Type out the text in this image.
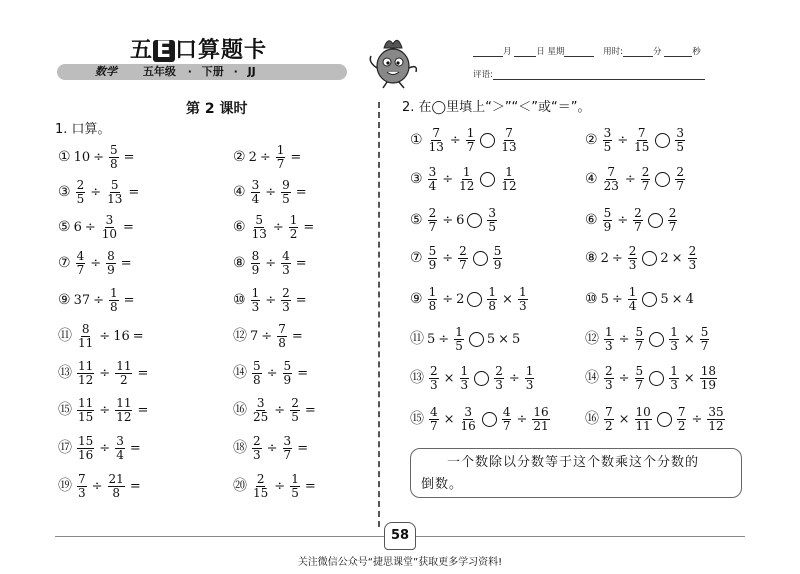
五 E 口算题卡
数学 五年级 · 下册 · JJ
月	日 星期	用时:	分	秒
评语:
第 2 课时
1. 口算。
① $10 \div \frac{5}{8}$ =	② $2 \div \frac{1}{7}$ =
③ $\frac{2}{5} \div \frac{5}{13}$ =	④ $\frac{3}{4} \div \frac{9}{5}$ =
⑤ $6 \div \frac{3}{10}$ =	⑥ $\frac{5}{13} \div \frac{1}{2}$ =
⑦ $\frac{4}{7} \div \frac{8}{9}$ =	⑧ $\frac{8}{9} \div \frac{4}{3}$ =
⑨ $37 \div \frac{1}{8}$ =	⑩ $\frac{1}{3} \div \frac{2}{3}$ =
⑪ $\frac{8}{11} \div 16$ =	⑫ $7 \div \frac{7}{8}$ =
⑬ $\frac{11}{12} \div \frac{11}{2}$ =	⑭ $\frac{5}{8} \div \frac{5}{9}$ =
⑮ $\frac{11}{15} \div \frac{11}{12}$ =	⑯ $\frac{3}{25} \div \frac{2}{5}$ =
⑰ $\frac{15}{16} \div \frac{3}{4}$ =	⑱ $\frac{2}{3} \div \frac{3}{7}$ =
⑲ $\frac{7}{3} \div \frac{21}{8}$ =	⑳ $\frac{2}{15} \div \frac{1}{5}$ =
2. 在◯里填上“＞”“＜”或“＝”。
① $\frac{7}{13} \div \frac{1}{7} \frac{7}{13}$	② $\frac{3}{5} \div \frac{7}{15} \frac{3}{5}$
③ $\frac{3}{4} \div \frac{1}{12} \frac{1}{12}$	④ $\frac{7}{23} \div \frac{2}{7} \frac{2}{7}$
⑤ $\frac{2}{7} \div 6 \frac{3}{5}$	⑥ $\frac{5}{9} \div \frac{2}{7} \frac{2}{7}$
⑦ $\frac{5}{9} \div \frac{2}{7} \frac{5}{9}$	⑧ $2 \div \frac{2}{3} 2 \times \frac{2}{3}$
⑨ $\frac{1}{8} \div 2 \frac{1}{8} \times \frac{1}{3}$	⑩ $5 \div \frac{1}{4} 5 \times 4$
⑪ $5 \div \frac{1}{5} 5 \times 5$	⑫ $\frac{1}{3} \div \frac{5}{7} \frac{1}{3} \times \frac{5}{7}$
⑬ $\frac{2}{3} \times \frac{1}{3} \frac{2}{3} \div \frac{1}{3}$	⑭ $\frac{2}{3} \div \frac{5}{7} \frac{1}{3} \times \frac{18}{19}$
⑮ $\frac{4}{7} \times \frac{3}{16} \frac{4}{7} \div \frac{16}{21}$	⑯ $\frac{7}{2} \times \frac{10}{11} \frac{7}{2} \div \frac{35}{12}$
一个数除以分数等于这个数乘这个分数的
倒数。
58
关注微信公众号“捷思课堂”获取更多学习资料!
